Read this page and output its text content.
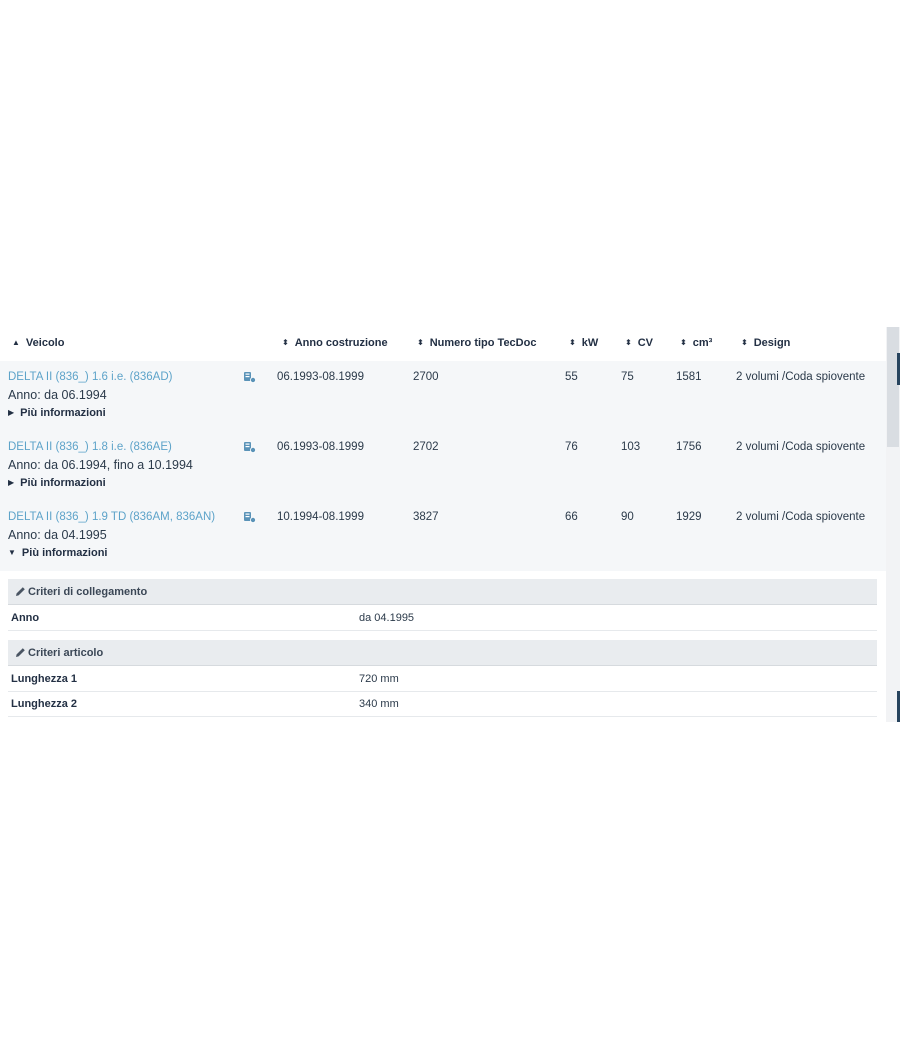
▲ Veicolo	⬍ Anno costruzione	⬍ Numero tipo TecDoc	⬍ kW	⬍ CV	⬍ cm³	⬍ Design
DELTA II (836_) 1.6 i.e. (836AD)
Anno: da 06.1994
▶ Più informazioni
06.1993-08.1999	2700	55	75	1581	2 volumi /Coda spiovente
DELTA II (836_) 1.8 i.e. (836AE)
Anno: da 06.1994, fino a 10.1994
▶ Più informazioni
06.1993-08.1999	2702	76	103	1756	2 volumi /Coda spiovente
DELTA II (836_) 1.9 TD (836AM, 836AN)
Anno: da 04.1995
▼ Più informazioni
10.1994-08.1999	3827	66	90	1929	2 volumi /Coda spiovente
Criteri di collegamento
Anno	da 04.1995
Criteri articolo
Lunghezza 1	720 mm
Lunghezza 2	340 mm
